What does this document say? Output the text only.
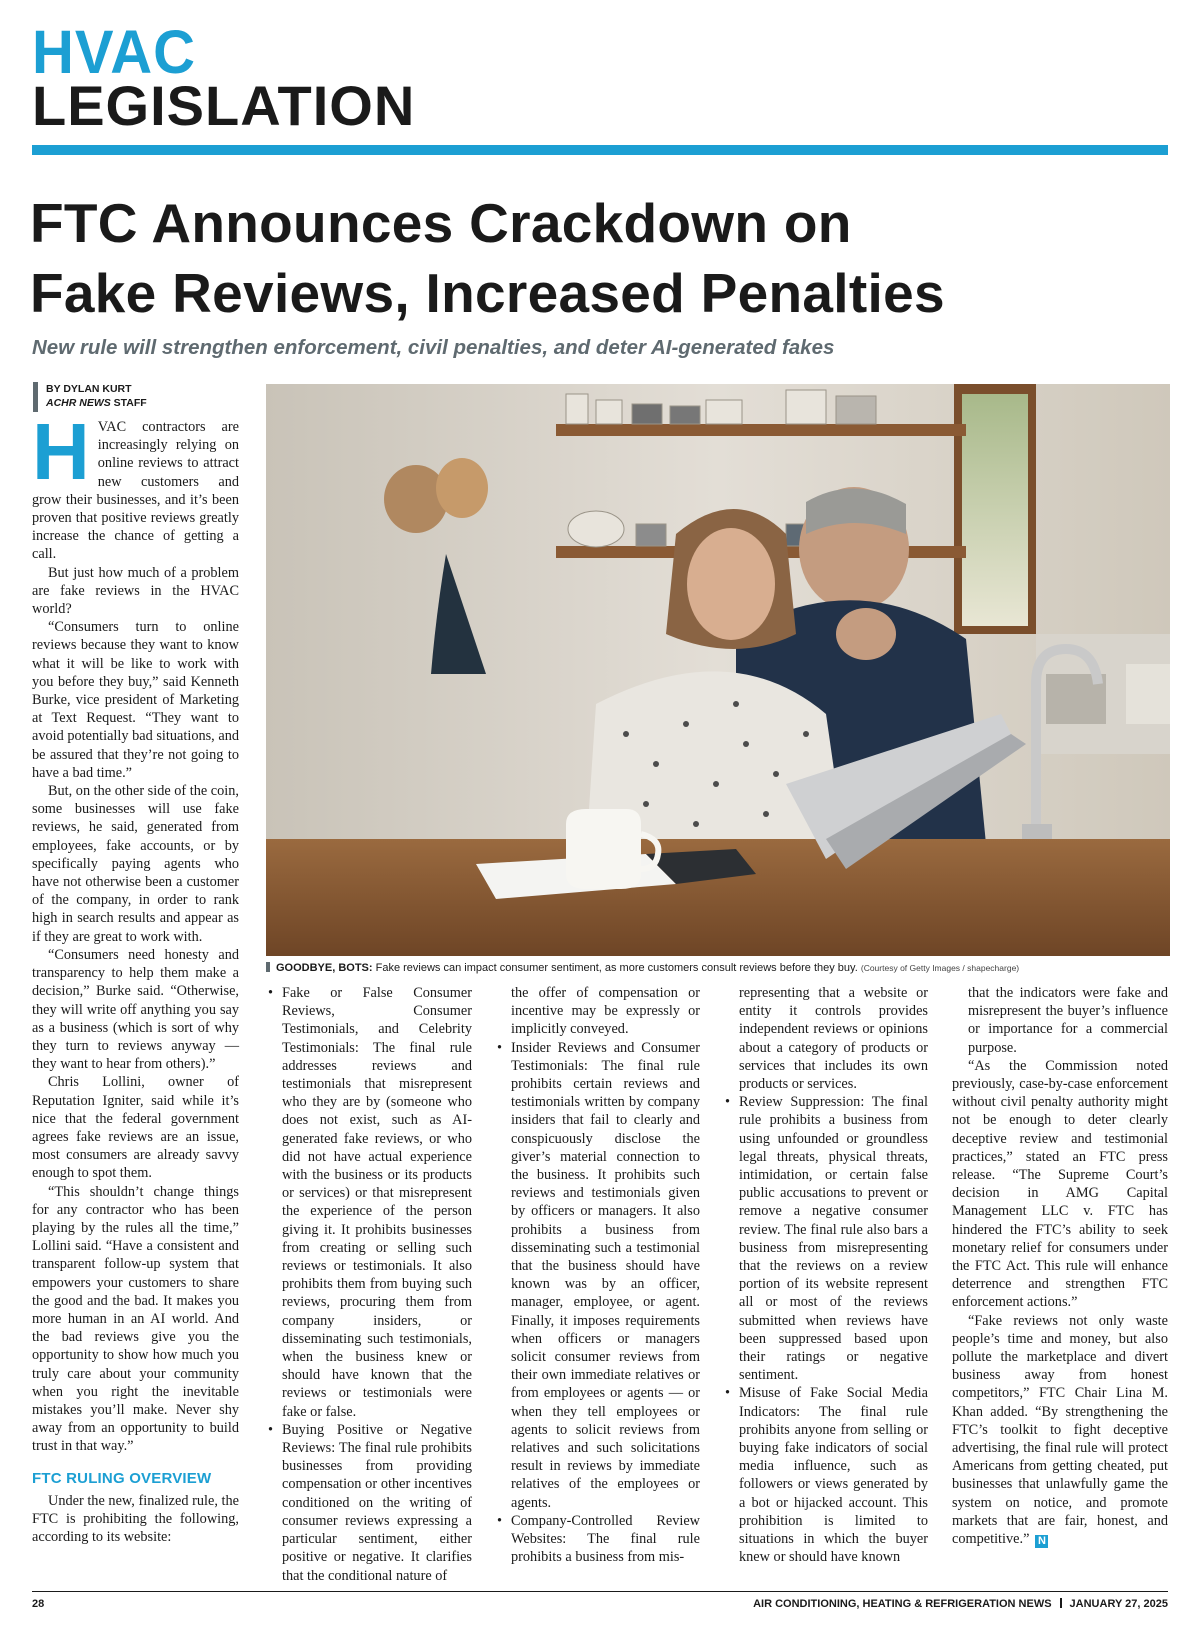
HVAC
LEGISLATION
FTC Announces Crackdown on
Fake Reviews, Increased Penalties
New rule will strengthen enforcement, civil penalties, and deter AI-generated fakes
BY DYLAN KURT
ACHR NEWS STAFF
GOODBYE, BOTS: Fake reviews can impact consumer sentiment, as more customers consult reviews before they buy. (Courtesy of Getty Images / shapecharge)

HVAC contractors are increasingly relying on online reviews to attract new customers and grow their businesses, and it’s been proven that positive reviews greatly increase the chance of getting a call.

But just how much of a problem are fake reviews in the HVAC world?

“Consumers turn to online reviews because they want to know what it will be like to work with you before they buy,” said Kenneth Burke, vice president of Marketing at Text Request. “They want to avoid potentially bad situations, and be assured that they’re not going to have a bad time.”

But, on the other side of the coin, some businesses will use fake reviews, he said, generated from employees, fake accounts, or by specifically paying agents who have not otherwise been a customer of the company, in order to rank high in search results and appear as if they are great to work with.

“Consumers need honesty and transparency to help them make a decision,” Burke said. “Otherwise, they will write off anything you say as a business (which is sort of why they turn to reviews anyway — they want to hear from others).”

Chris Lollini, owner of Reputation Igniter, said while it’s nice that the federal government agrees fake reviews are an issue, most consumers are already savvy enough to spot them.

“This shouldn’t change things for any contractor who has been playing by the rules all the time,” Lollini said. “Have a consistent and transparent follow-up system that empowers your customers to share the good and the bad. It makes you more human in an AI world. And the bad reviews give you the opportunity to show how much you truly care about your community when you right the inevitable mistakes you’ll make. Never shy away from an opportunity to build trust in that way.”

FTC RULING OVERVIEW

Under the new, finalized rule, the FTC is prohibiting the following, according to its website:

• Fake or False Consumer Reviews, Consumer Testimonials, and Celebrity Testimonials: The final rule addresses reviews and testimonials that misrepresent who they are by (someone who does not exist, such as AI-generated fake reviews, or who did not have actual experience with the business or its products or services) or that misrepresent the experience of the person giving it. It prohibits businesses from creating or selling such reviews or testimonials. It also prohibits them from buying such reviews, procuring them from company insiders, or disseminating such testimonials, when the business knew or should have known that the reviews or testimonials were fake or false.

• Buying Positive or Negative Reviews: The final rule prohibits businesses from providing compensation or other incentives conditioned on the writing of consumer reviews expressing a particular sentiment, either positive or negative. It clarifies that the conditional nature of

the offer of compensation or incentive may be expressly or implicitly conveyed.

• Insider Reviews and Consumer Testimonials: The final rule prohibits certain reviews and testimonials written by company insiders that fail to clearly and conspicuously disclose the giver’s material connection to the business. It prohibits such reviews and testimonials given by officers or managers. It also prohibits a business from disseminating such a testimonial that the business should have known was by an officer, manager, employee, or agent. Finally, it imposes requirements when officers or managers solicit consumer reviews from their own immediate relatives or from employees or agents — or when they tell employees or agents to solicit reviews from relatives and such solicitations result in reviews by immediate relatives of the employees or agents.

• Company-Controlled Review Websites: The final rule prohibits a business from mis-

representing that a website or entity it controls provides independent reviews or opinions about a category of products or services that includes its own products or services.

• Review Suppression: The final rule prohibits a business from using unfounded or groundless legal threats, physical threats, intimidation, or certain false public accusations to prevent or remove a negative consumer review. The final rule also bars a business from misrepresenting that the reviews on a review portion of its website represent all or most of the reviews submitted when reviews have been suppressed based upon their ratings or negative sentiment.

• Misuse of Fake Social Media Indicators: The final rule prohibits anyone from selling or buying fake indicators of social media influence, such as followers or views generated by a bot or hijacked account. This prohibition is limited to situations in which the buyer knew or should have known

that the indicators were fake and misrepresent the buyer’s influence or importance for a commercial purpose.

“As the Commission noted previously, case-by-case enforcement without civil penalty authority might not be enough to deter clearly deceptive review and testimonial practices,” stated an FTC press release. “The Supreme Court’s decision in AMG Capital Management LLC v. FTC has hindered the FTC’s ability to seek monetary relief for consumers under the FTC Act. This rule will enhance deterrence and strengthen FTC enforcement actions.”

“Fake reviews not only waste people’s time and money, but also pollute the marketplace and divert business away from honest competitors,” FTC Chair Lina M. Khan added. “By strengthening the FTC’s toolkit to fight deceptive advertising, the final rule will protect Americans from getting cheated, put businesses that unlawfully game the system on notice, and promote markets that are fair, honest, and competitive.” N

28	AIR CONDITIONING, HEATING & REFRIGERATION NEWS JANUARY 27, 2025
